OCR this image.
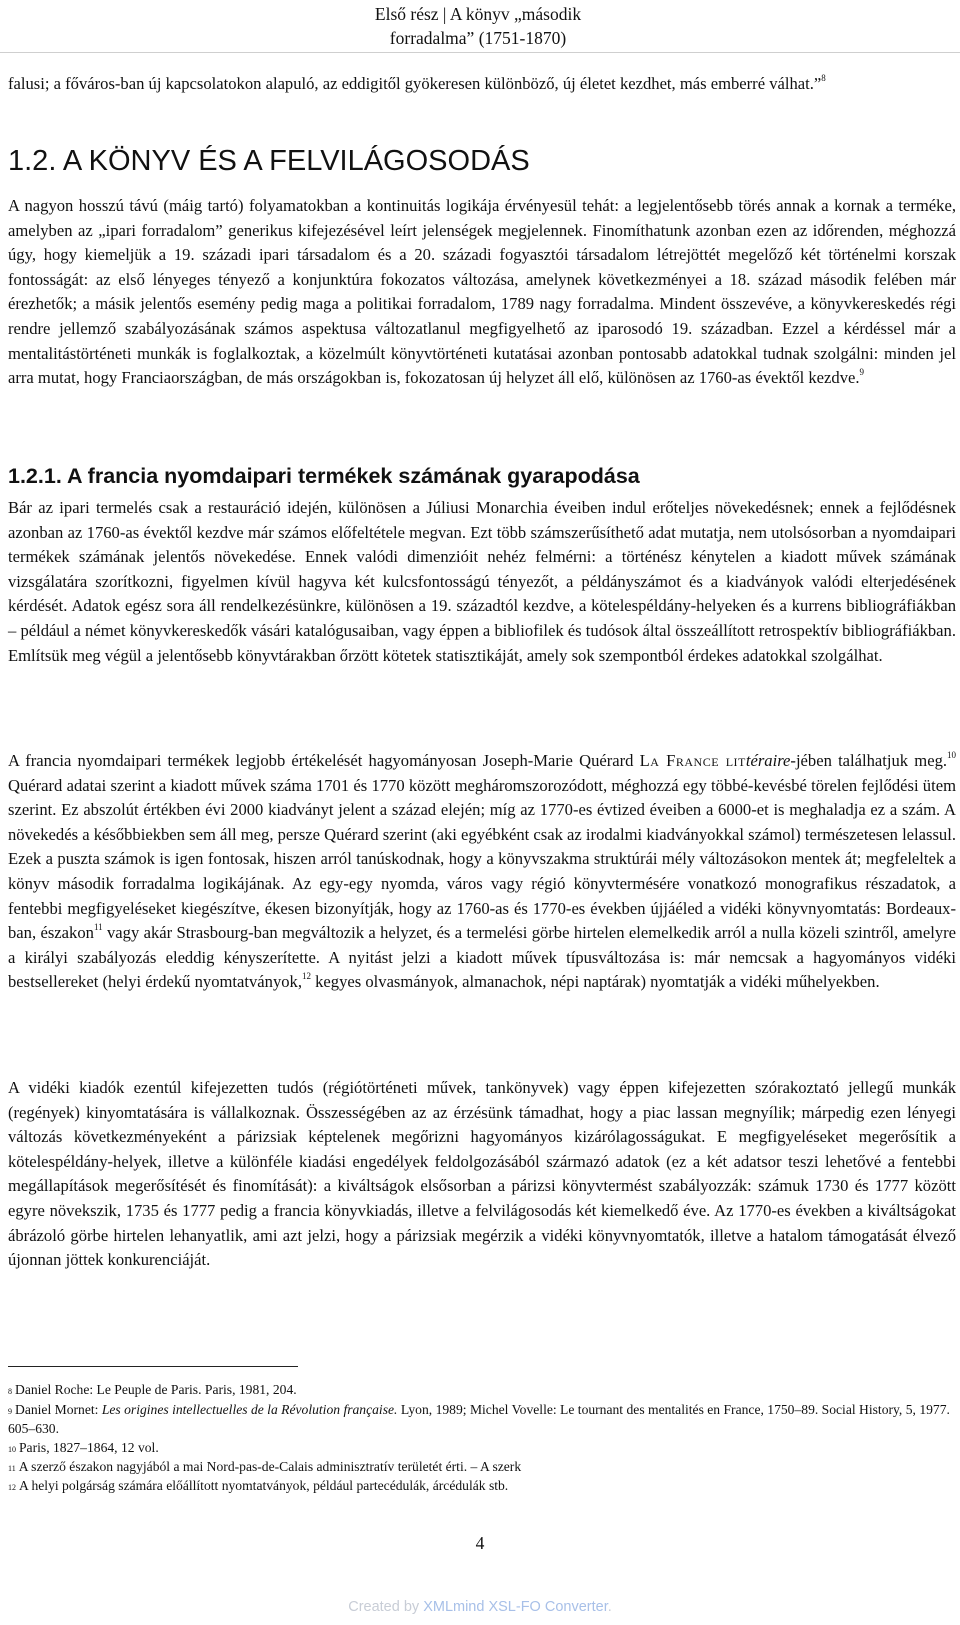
Első rész | A könyv „második
forradalma” (1751-1870)

falusi; a főváros-ban új kapcsolatokon alapuló, az eddigitől gyökeresen különböző, új életet kezdhet, más emberré válhat.”$^8$

1.2. A KÖNYV ÉS A FELVILÁGOSODÁS

A nagyon hosszú távú (máig tartó) folyamatokban a kontinuitás logikája érvényesül tehát: a legjelentősebb törés annak a kornak a terméke, amelyben az „ipari forradalom” generikus kifejezésével leírt jelenségek megjelennek. Finomíthatunk azonban ezen az időrenden, méghozzá úgy, hogy kiemeljük a 19. századi ipari társadalom és a 20. századi fogyasztói társadalom létrejöttét megelőző két történelmi korszak fontosságát: az első lényeges tényező a konjunktúra fokozatos változása, amelynek következményei a 18. század második felében már érezhetők; a másik jelentős esemény pedig maga a politikai forradalom, 1789 nagy forradalma. Mindent összevéve, a könyvkereskedés régi rendre jellemző szabályozásának számos aspektusa változatlanul megfigyelhető az iparosodó 19. században. Ezzel a kérdéssel már a mentalitástörténeti munkák is foglalkoztak, a közelmúlt könyvtörténeti kutatásai azonban pontosabb adatokkal tudnak szolgálni: minden jel arra mutat, hogy Franciaországban, de más országokban is, fokozatosan új helyzet áll elő, különösen az 1760-as évektől kezdve.$^9$

1.2.1. A francia nyomdaipari termékek számának gyarapodása

Bár az ipari termelés csak a restauráció idején, különösen a Júliusi Monarchia éveiben indul erőteljes növekedésnek; ennek a fejlődésnek azonban az 1760-as évektől kezdve már számos előfeltétele megvan. Ezt több számszerűsíthető adat mutatja, nem utolsósorban a nyomdaipari termékek számának jelentős növekedése. Ennek valódi dimenzióit nehéz felmérni: a történész kénytelen a kiadott művek számának vizsgálatára szorítkozni, figyelmen kívül hagyva két kulcsfontosságú tényezőt, a példányszámot és a kiadványok valódi elterjedésének kérdését. Adatok egész sora áll rendelkezésünkre, különösen a 19. századtól kezdve, a kötelespéldány-helyeken és a kurrens bibliográfiákban – például a német könyvkereskedők vásári katalógusaiban, vagy éppen a bibliofilek és tudósok által összeállított retrospektív bibliográfiákban. Említsük meg végül a jelentősebb könyvtárakban őrzött kötetek statisztikáját, amely sok szempontból érdekes adatokkal szolgálhat.

A francia nyomdaipari termékek legjobb értékelését hagyományosan Joseph-Marie Quérard La France littéraire-jében találhatjuk meg.$^{10}$ Quérard adatai szerint a kiadott művek száma 1701 és 1770 között megháromszorozódott, méghozzá egy többé-kevésbé törelen fejlődési ütem szerint. Ez abszolút értékben évi 2000 kiadványt jelent a század elején; míg az 1770-es évtized éveiben a 6000-et is meghaladja ez a szám. A növekedés a későbbiekben sem áll meg, persze Quérard szerint (aki egyébként csak az irodalmi kiadványokkal számol) természetesen lelassul. Ezek a puszta számok is igen fontosak, hiszen arról tanúskodnak, hogy a könyvszakma struktúrái mély változásokon mentek át; megfeleltek a könyv második forradalma logikájának. Az egy-egy nyomda, város vagy régió könyvtermésére vonatkozó monografikus részadatok, a fentebbi megfigyeléseket kiegészítve, ékesen bizonyítják, hogy az 1760-as és 1770-es években újjáéled a vidéki könyvnyomtatás: Bordeaux-ban, északon$^{11}$ vagy akár Strasbourg-ban megváltozik a helyzet, és a termelési görbe hirtelen elemelkedik arról a nulla közeli szintről, amelyre a királyi szabályozás eleddig kényszerítette. A nyitást jelzi a kiadott művek típusváltozása is: már nemcsak a hagyományos vidéki bestsellereket (helyi érdekű nyomtatványok,$^{12}$ kegyes olvasmányok, almanachok, népi naptárak) nyomtatják a vidéki műhelyekben.

A vidéki kiadók ezentúl kifejezetten tudós (régiótörténeti művek, tankönyvek) vagy éppen kifejezetten szórakoztató jellegű munkák (regények) kinyomtatására is vállalkoznak. Összességében az az érzésünk támadhat, hogy a piac lassan megnyílik; márpedig ezen lényegi változás következményeként a párizsiak képtelenek megőrizni hagyományos kizárólagosságukat. E megfigyeléseket megerősítik a kötelespéldány-helyek, illetve a különféle kiadási engedélyek feldolgozásából származó adatok (ez a két adatsor teszi lehetővé a fentebbi megállapítások megerősítését és finomítását): a kiváltságok elsősorban a párizsi könyvtermést szabályozzák: számuk 1730 és 1777 között egyre növekszik, 1735 és 1777 pedig a francia könyvkiadás, illetve a felvilágosodás két kiemelkedő éve. Az 1770-es években a kiváltságokat ábrázoló görbe hirtelen lehanyatlik, ami azt jelzi, hogy a párizsiak megérzik a vidéki könyvnyomtatók, illetve a hatalom támogatását élvező újonnan jöttek konkurenciáját.

$^8$ Daniel Roche: Le Peuple de Paris. Paris, 1981, 204.
$^9$ Daniel Mornet: Les origines intellectuelles de la Révolution française. Lyon, 1989; Michel Vovelle: Le tournant des mentalités en France, 1750–89. Social History, 5, 1977. 605–630.
$^{10}$ Paris, 1827–1864, 12 vol.
$^{11}$ A szerző északon nagyjából a mai Nord-pas-de-Calais adminisztratív területét érti. – A szerk
$^{12}$ A helyi polgárság számára előállított nyomtatványok, például partecédulák, árcédulák stb.
4
Created by XMLmind XSL-FO Converter.
